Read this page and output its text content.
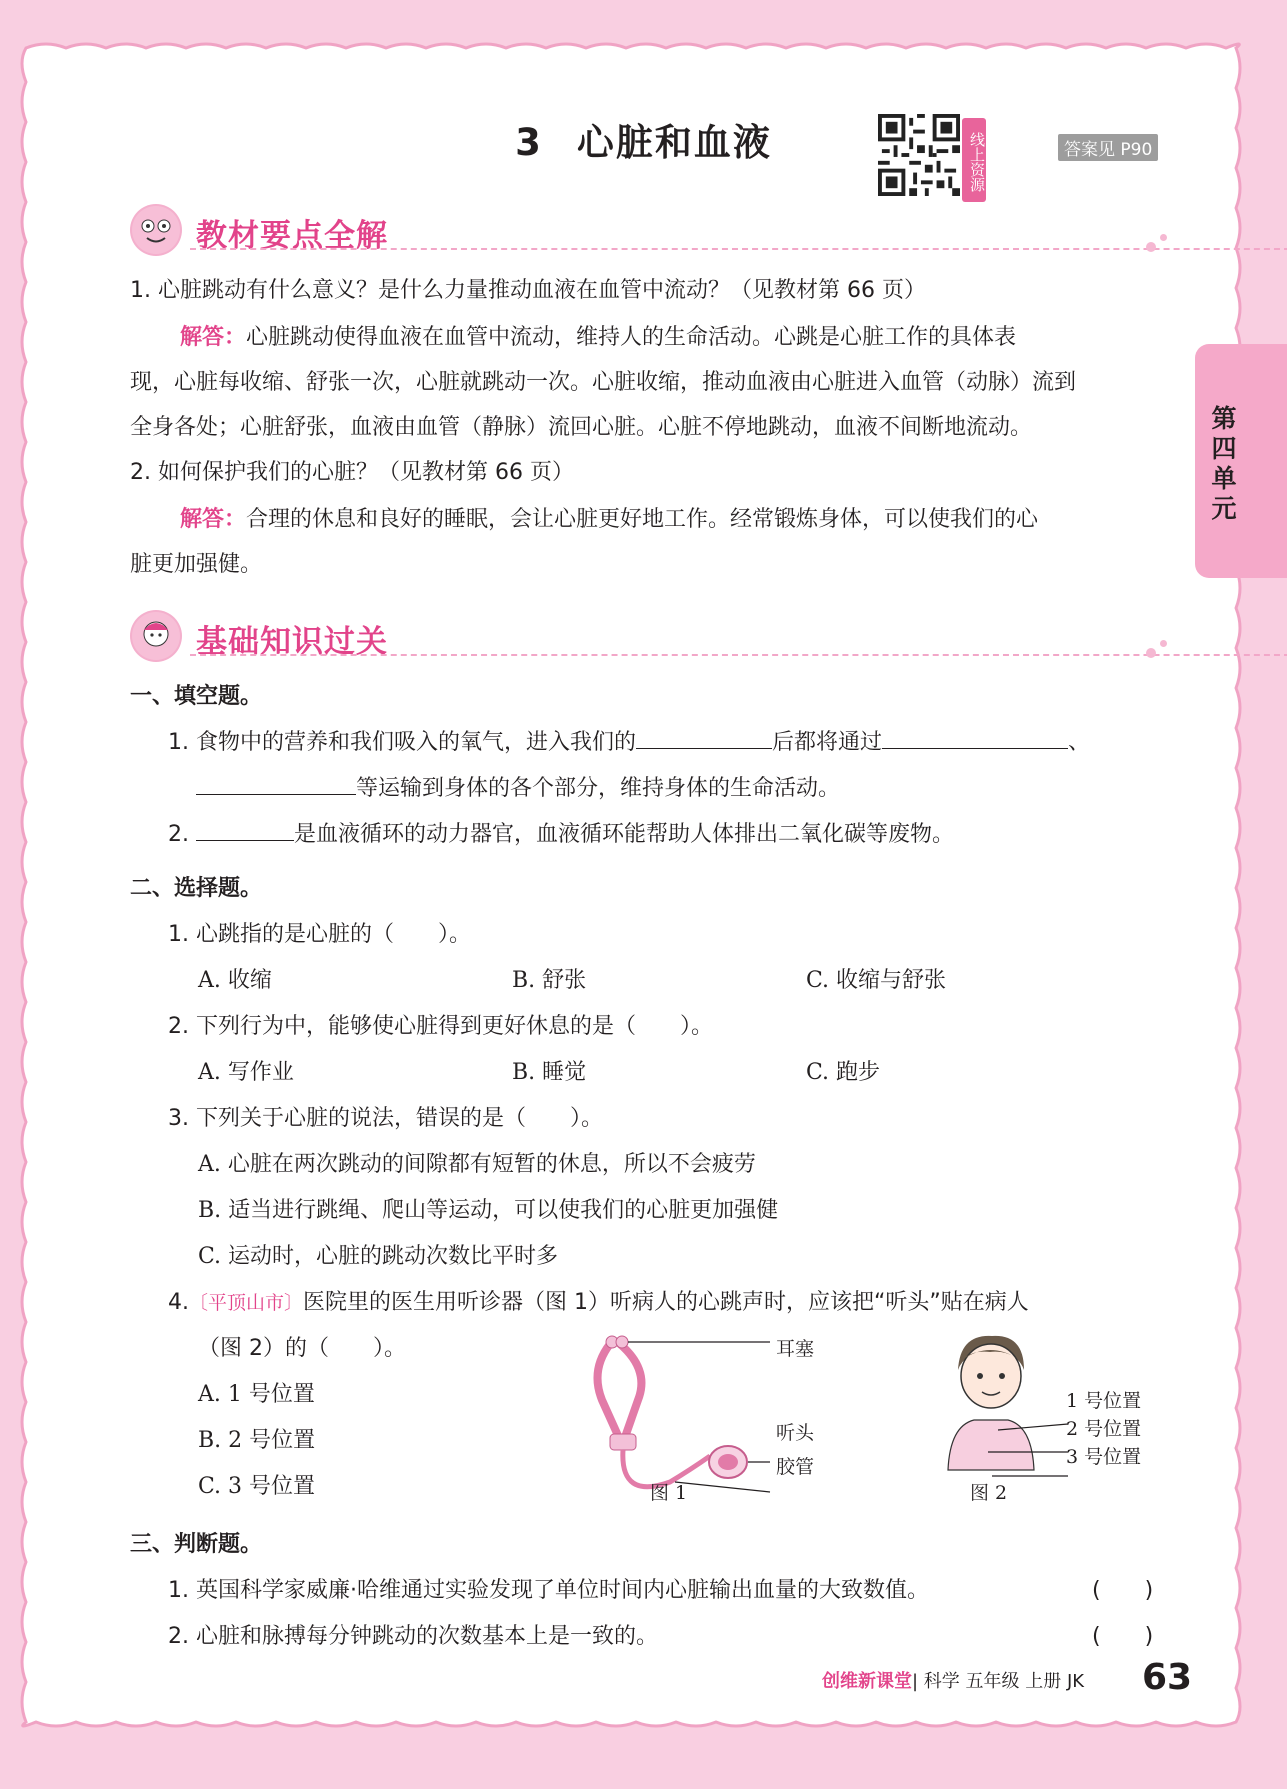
3 心脏和血液	线上资源	答案见 P90
第四单元
教材要点全解
1. 心脏跳动有什么意义？是什么力量推动血液在血管中流动？（见教材第 66 页）
解答：心脏跳动使得血液在血管中流动，维持人的生命活动。心跳是心脏工作的具体表
现，心脏每收缩、舒张一次，心脏就跳动一次。心脏收缩，推动血液由心脏进入血管（动脉）流到
全身各处；心脏舒张，血液由血管（静脉）流回心脏。心脏不停地跳动，血液不间断地流动。
2. 如何保护我们的心脏？（见教材第 66 页）
解答：合理的休息和良好的睡眠，会让心脏更好地工作。经常锻炼身体，可以使我们的心
脏更加强健。
基础知识过关
一、填空题。
1. 食物中的营养和我们吸入的氧气，进入我们的	后都将通过	、
等运输到身体的各个部分，维持身体的生命活动。
2.	是血液循环的动力器官，血液循环能帮助人体排出二氧化碳等废物。
二、选择题。
1. 心跳指的是心脏的（　　）。
A. 收缩	B. 舒张	C. 收缩与舒张
2. 下列行为中，能够使心脏得到更好休息的是（　　）。
A. 写作业	B. 睡觉	C. 跑步
3. 下列关于心脏的说法，错误的是（　　）。
A. 心脏在两次跳动的间隙都有短暂的休息，所以不会疲劳
B. 适当进行跳绳、爬山等运动，可以使我们的心脏更加强健
C. 运动时，心脏的跳动次数比平时多
4.〔平顶山市〕医院里的医生用听诊器（图 1）听病人的心跳声时，应该把“听头”贴在病人
（图 2）的（　　）。
A. 1 号位置
B. 2 号位置
C. 3 号位置
耳塞
听头
胶管
图 1
1 号位置
2 号位置
3 号位置
图 2
三、判断题。
1. 英国科学家威廉·哈维通过实验发现了单位时间内心脏输出血量的大致数值。	(　　)
2. 心脏和脉搏每分钟跳动的次数基本上是一致的。	(　　)
创维新课堂| 科学 五年级 上册 JK 63
